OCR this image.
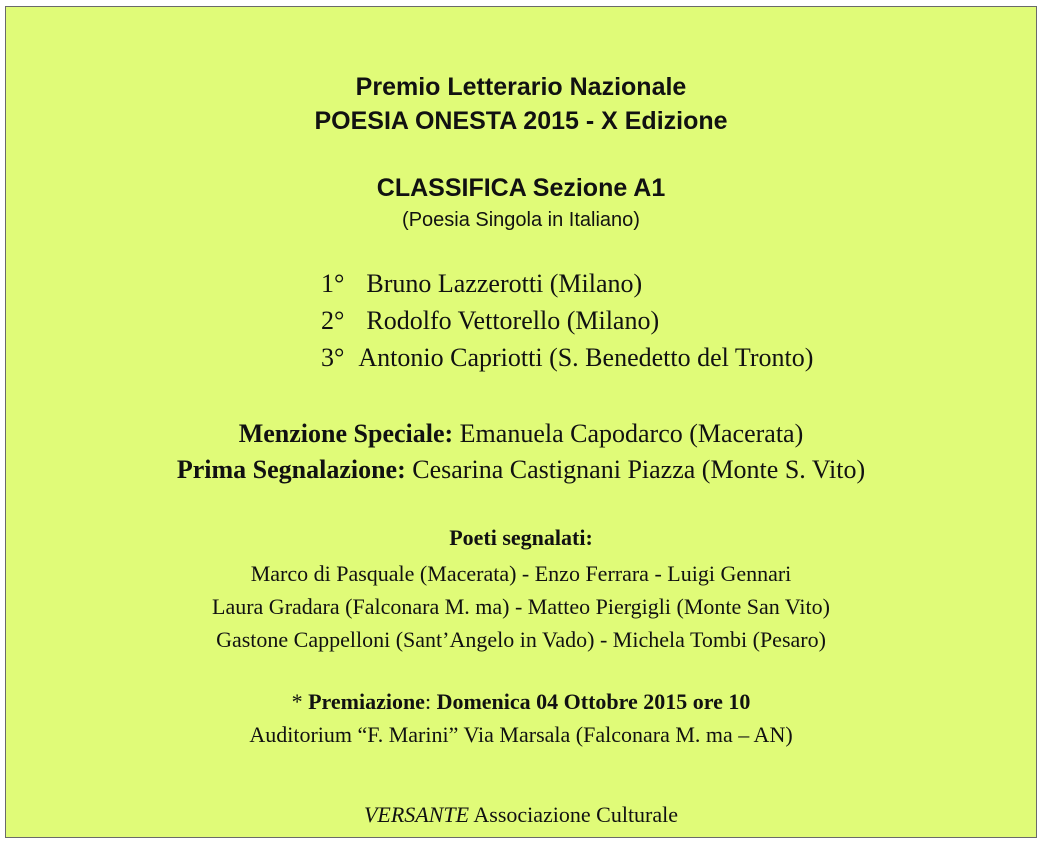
Premio Letterario Nazionale
POESIA ONESTA 2015 - X Edizione
CLASSIFICA Sezione A1
(Poesia Singola in Italiano)
1° Bruno Lazzerotti (Milano)
2° Rodolfo Vettorello (Milano)
3° Antonio Capriotti (S. Benedetto del Tronto)
Menzione Speciale: Emanuela Capodarco (Macerata)
Prima Segnalazione: Cesarina Castignani Piazza (Monte S. Vito)
Poeti segnalati:
Marco di Pasquale (Macerata) - Enzo Ferrara - Luigi Gennari
Laura Gradara (Falconara M. ma) - Matteo Piergigli (Monte San Vito)
Gastone Cappelloni (Sant’Angelo in Vado) - Michela Tombi (Pesaro)
* Premiazione: Domenica 04 Ottobre 2015 ore 10
Auditorium “F. Marini” Via Marsala (Falconara M. ma – AN)
VERSANTE Associazione Culturale
